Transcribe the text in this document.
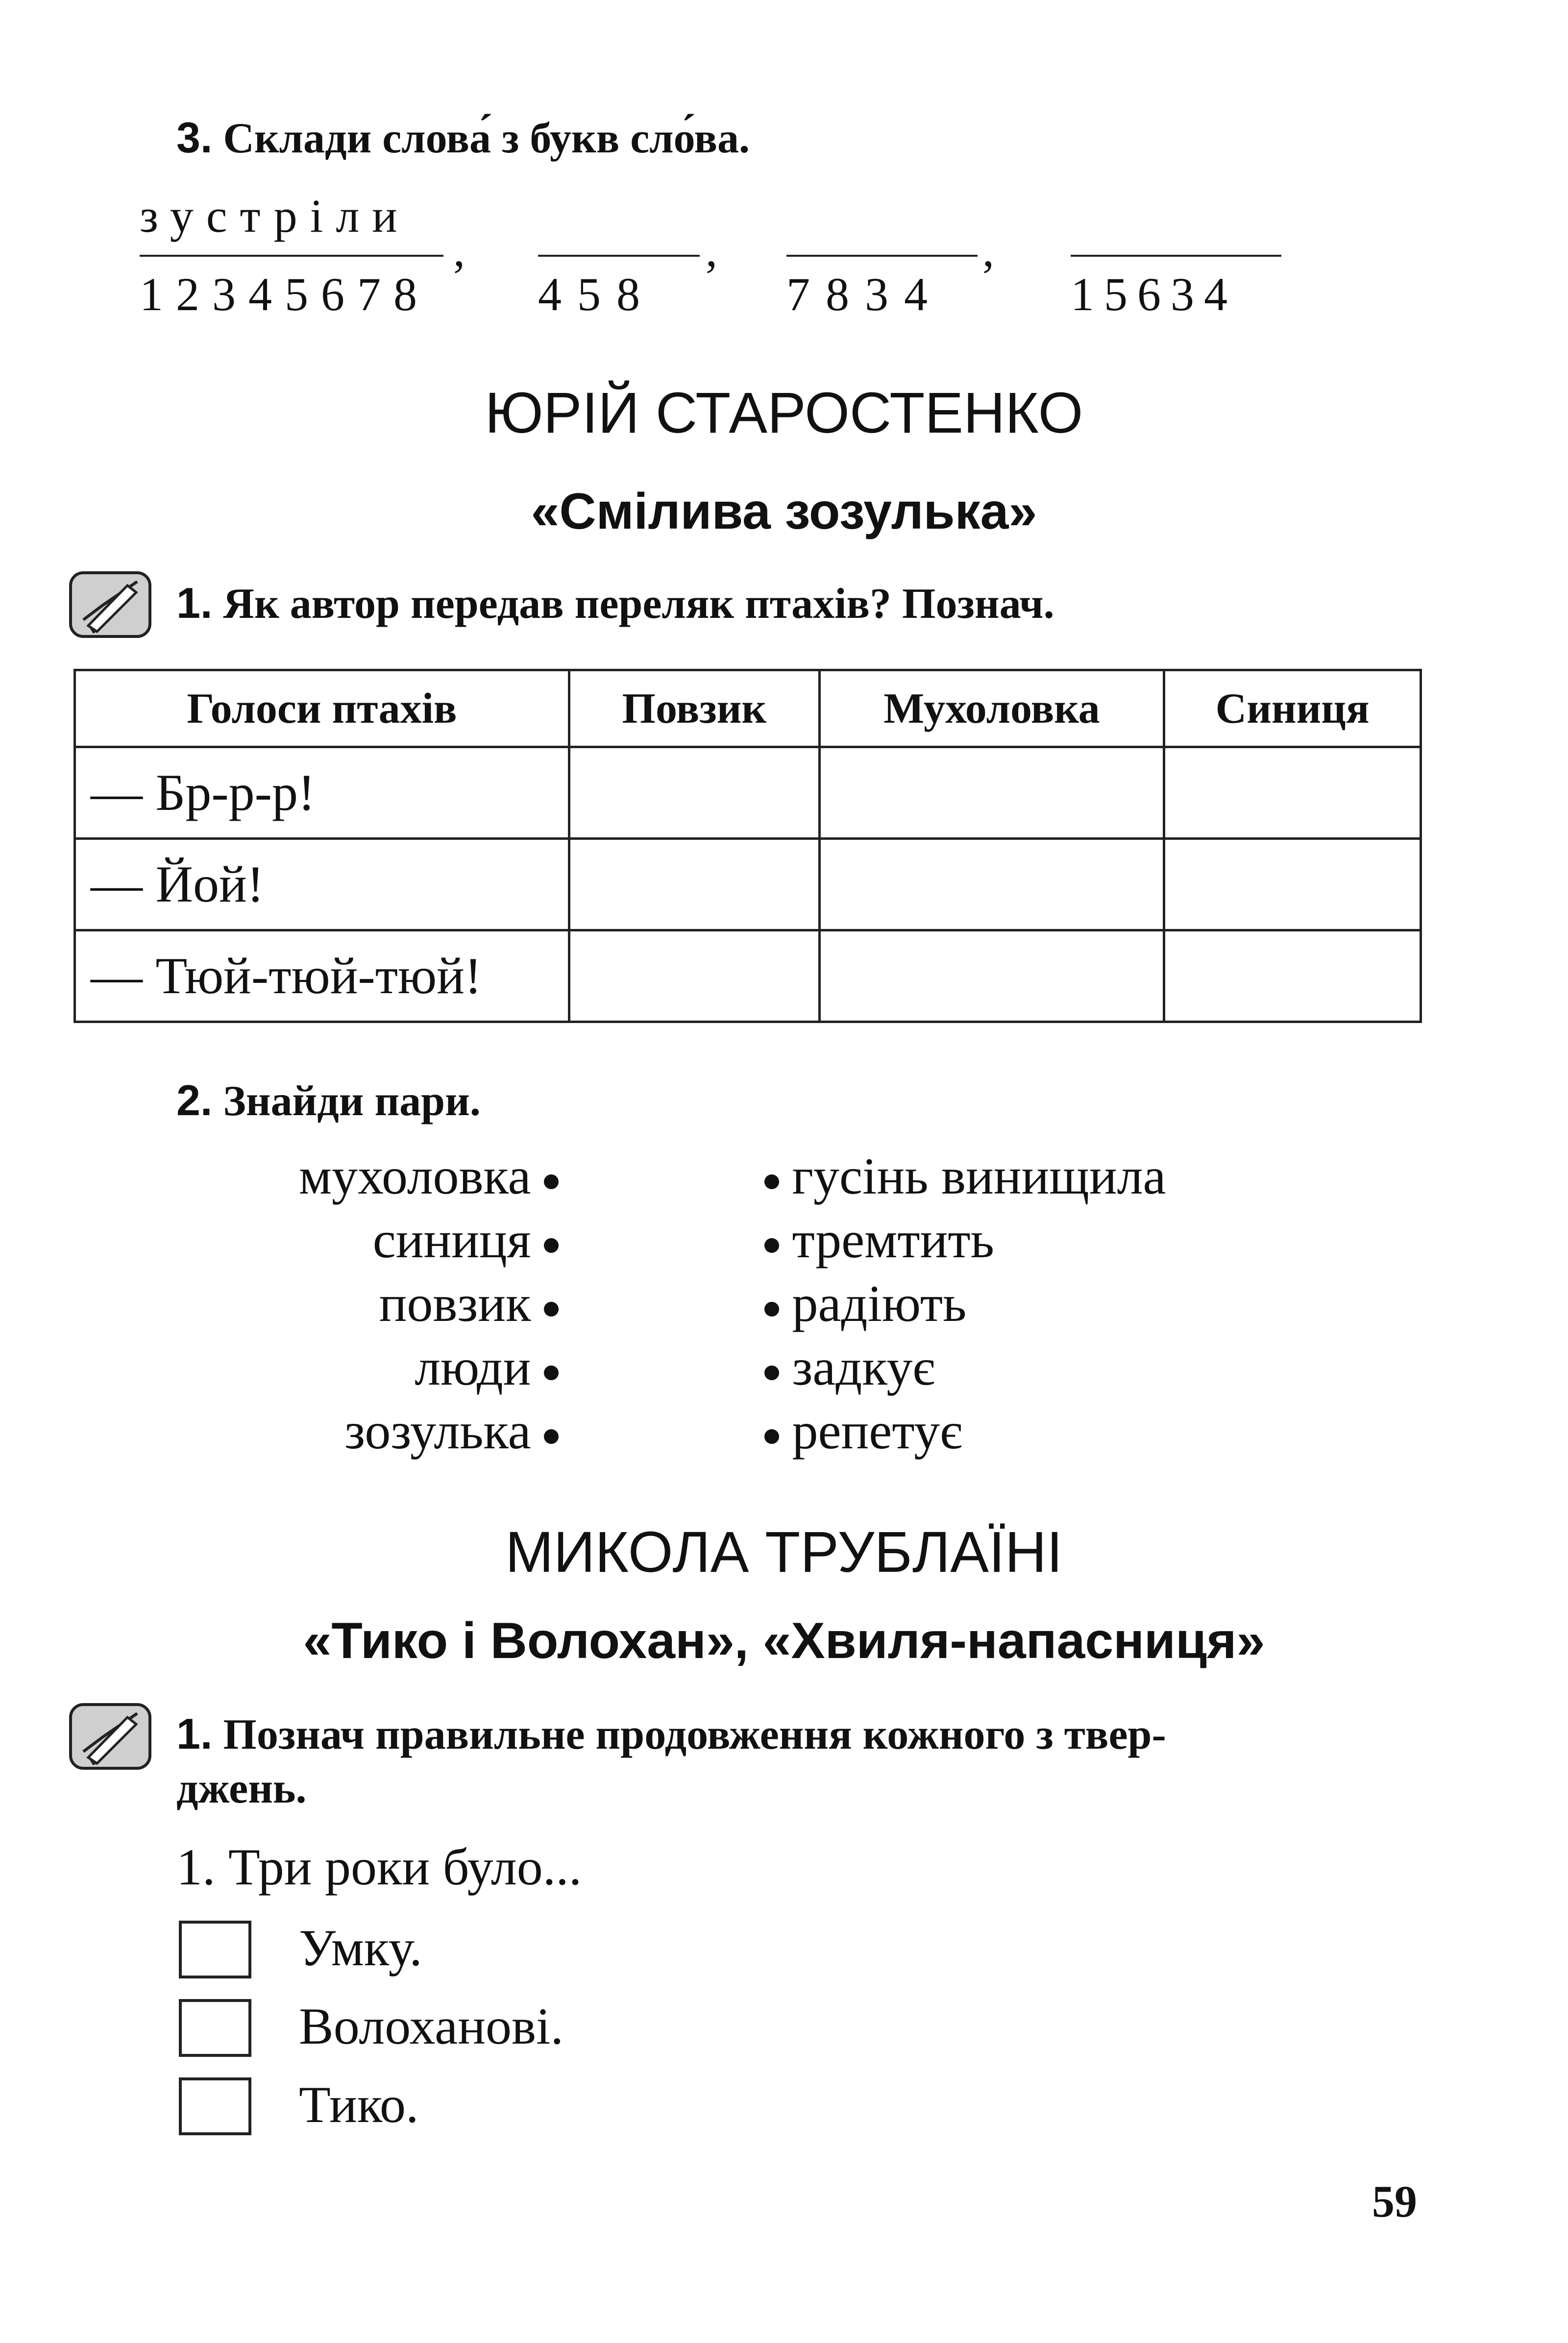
3. Склади слова́ з букв сло́ва.
зустріли
12345678
,
4 5 8
,
7 8 3 4
,
1 5 6 3 4
ЮРІЙ СТАРОСТЕНКО
«Смілива зозулька»
1. Як автор передав переляк птахів? Познач.
Голоси птахів	Повзик	Мухоловка	Синиця
— Бр-р-р!			
— Йой!			
— Тюй-тюй-тюй!			
2. Знайди пари.
мухоловка
синиця
повзик
люди
зозулька
гусінь винищила
тремтить
радіють
задкує
репетує
МИКОЛА ТРУБЛАЇНІ
«Тико і Волохан», «Хвиля-напасниця»
1. Познач правильне продовження кожного з твер-
джень.
1. Три роки було...
Умку.
Волоханові.
Тико.
59
